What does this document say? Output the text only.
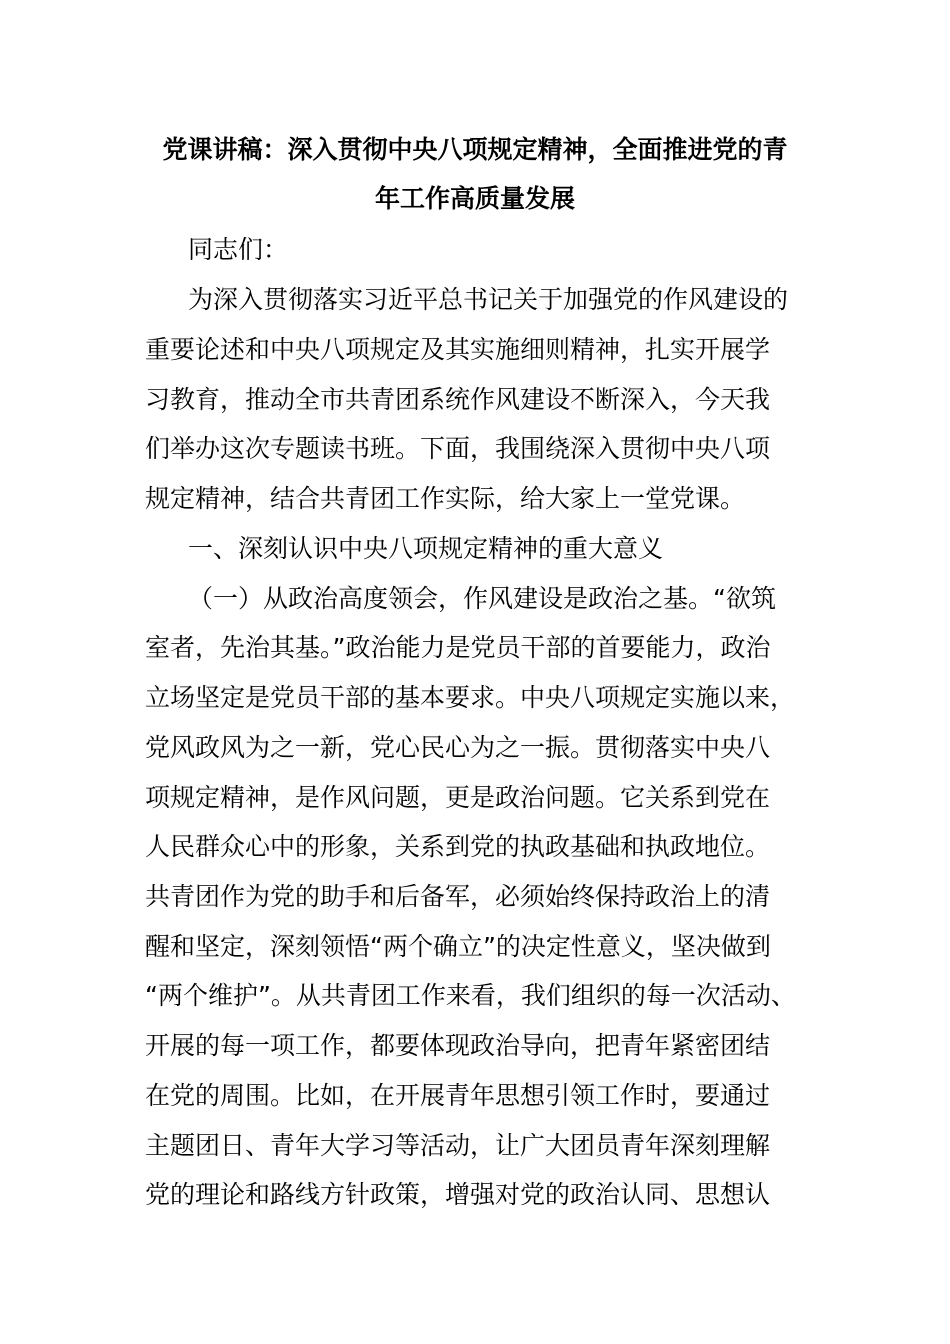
党课讲稿：深入贯彻中央八项规定精神，全面推进党的青
年工作高质量发展
同志们：
为深入贯彻落实习近平总书记关于加强党的作风建设的
重要论述和中央八项规定及其实施细则精神，扎实开展学
习教育，推动全市共青团系统作风建设不断深入，今天我
们举办这次专题读书班。下面，我围绕深入贯彻中央八项
规定精神，结合共青团工作实际，给大家上一堂党课。
一、深刻认识中央八项规定精神的重大意义
（一）从政治高度领会，作风建设是政治之基。“欲筑
室者，先治其基。”政治能力是党员干部的首要能力，政治
立场坚定是党员干部的基本要求。中央八项规定实施以来，
党风政风为之一新，党心民心为之一振。贯彻落实中央八
项规定精神，是作风问题，更是政治问题。它关系到党在
人民群众心中的形象，关系到党的执政基础和执政地位。
共青团作为党的助手和后备军，必须始终保持政治上的清
醒和坚定，深刻领悟“两个确立”的决定性意义，坚决做到
“两个维护”。从共青团工作来看，我们组织的每一次活动、
开展的每一项工作，都要体现政治导向，把青年紧密团结
在党的周围。比如，在开展青年思想引领工作时，要通过
主题团日、青年大学习等活动，让广大团员青年深刻理解
党的理论和路线方针政策，增强对党的政治认同、思想认
